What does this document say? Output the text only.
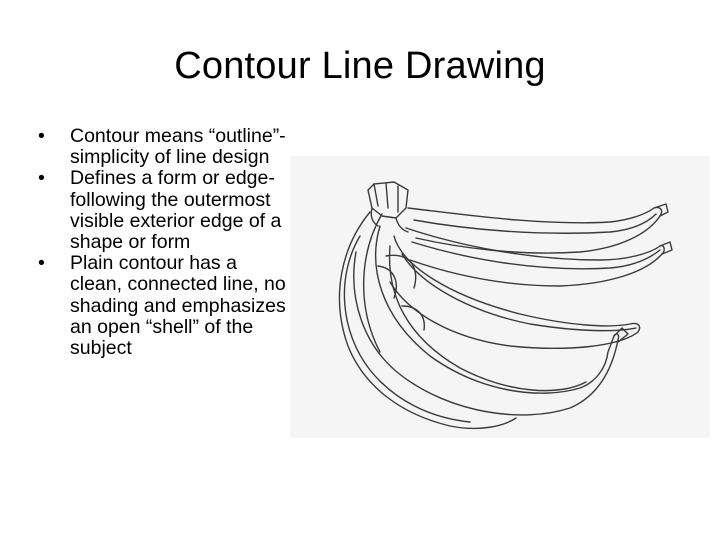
Contour Line Drawing
•	Contour means “outline”-simplicity of line design
•	Defines a form or edge-following the outermost visible exterior edge of a shape or form
•	Plain contour has a clean, connected line, no shading and emphasizes an open “shell” of the subject
